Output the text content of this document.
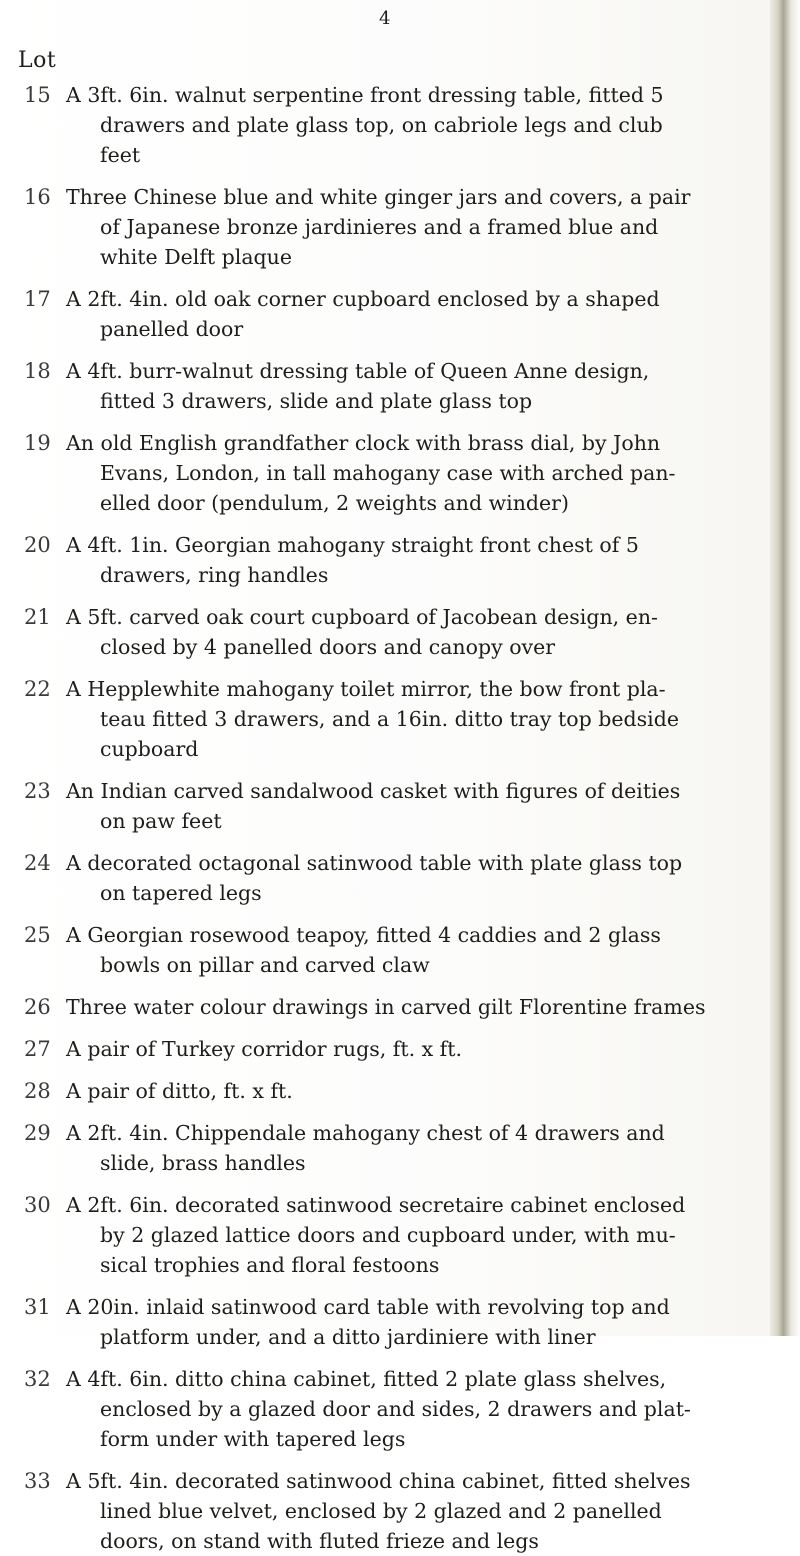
4
Lot
15 A 3ft. 6in. walnut serpentine front dressing table, fitted 5
drawers and plate glass top, on cabriole legs and club
feet
16 Three Chinese blue and white ginger jars and covers, a pair
of Japanese bronze jardinieres and a framed blue and
white Delft plaque
17 A 2ft. 4in. old oak corner cupboard enclosed by a shaped
panelled door
18 A 4ft. burr-walnut dressing table of Queen Anne design,
fitted 3 drawers, slide and plate glass top
19 An old English grandfather clock with brass dial, by John
Evans, London, in tall mahogany case with arched pan-
elled door (pendulum, 2 weights and winder)
20 A 4ft. 1in. Georgian mahogany straight front chest of 5
drawers, ring handles
21 A 5ft. carved oak court cupboard of Jacobean design, en-
closed by 4 panelled doors and canopy over
22 A Hepplewhite mahogany toilet mirror, the bow front pla-
teau fitted 3 drawers, and a 16in. ditto tray top bedside
cupboard
23 An Indian carved sandalwood casket with figures of deities
on paw feet
24 A decorated octagonal satinwood table with plate glass top
on tapered legs
25 A Georgian rosewood teapoy, fitted 4 caddies and 2 glass
bowls on pillar and carved claw
26 Three water colour drawings in carved gilt Florentine frames
27 A pair of Turkey corridor rugs, ft. x ft.
28 A pair of ditto, ft. x ft.
29 A 2ft. 4in. Chippendale mahogany chest of 4 drawers and
slide, brass handles
30 A 2ft. 6in. decorated satinwood secretaire cabinet enclosed
by 2 glazed lattice doors and cupboard under, with mu-
sical trophies and floral festoons
31 A 20in. inlaid satinwood card table with revolving top and
platform under, and a ditto jardiniere with liner
32 A 4ft. 6in. ditto china cabinet, fitted 2 plate glass shelves,
enclosed by a glazed door and sides, 2 drawers and plat-
form under with tapered legs
33 A 5ft. 4in. decorated satinwood china cabinet, fitted shelves
lined blue velvet, enclosed by 2 glazed and 2 panelled
doors, on stand with fluted frieze and legs
